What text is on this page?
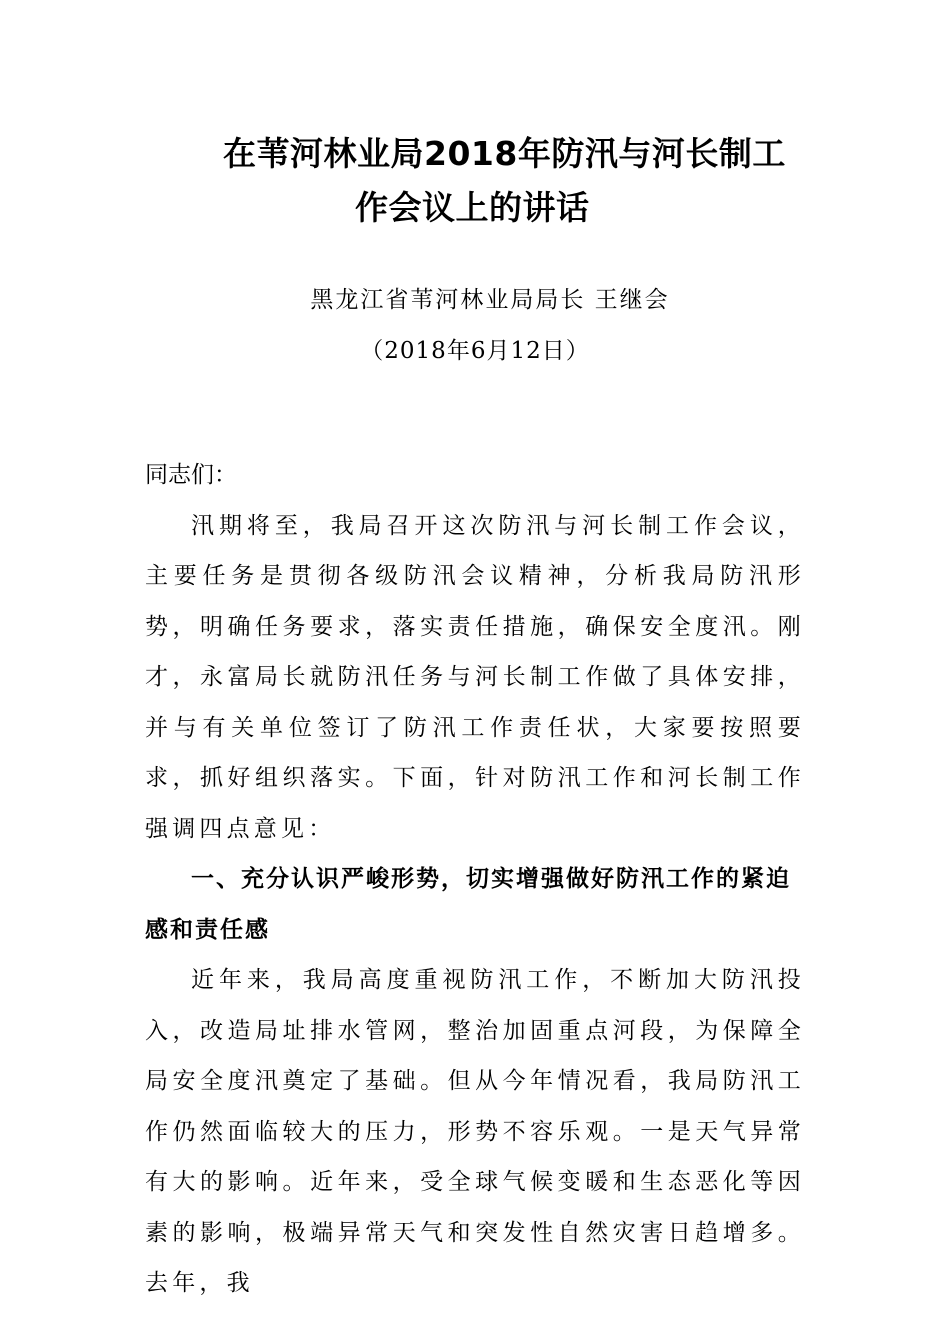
在苇河林业局2018年防汛与河长制工
作会议上的讲话

黑龙江省苇河林业局局长 王继会

（2018年6月12日）

同志们：

汛期将至，我局召开这次防汛与河长制工作会议，主要任务是贯彻各级防汛会议精神，分析我局防汛形势，明确任务要求，落实责任措施，确保安全度汛。刚才，永富局长就防汛任务与河长制工作做了具体安排，并与有关单位签订了防汛工作责任状，大家要按照要求，抓好组织落实。下面，针对防汛工作和河长制工作强调四点意见：

一、充分认识严峻形势，切实增强做好防汛工作的紧迫感和责任感

近年来，我局高度重视防汛工作，不断加大防汛投入，改造局址排水管网，整治加固重点河段，为保障全局安全度汛奠定了基础。但从今年情况看，我局防汛工作仍然面临较大的压力，形势不容乐观。一是天气异常有大的影响。近年来，受全球气候变暖和生态恶化等因素的影响，极端异常天气和突发性自然灾害日趋增多。去年，我
